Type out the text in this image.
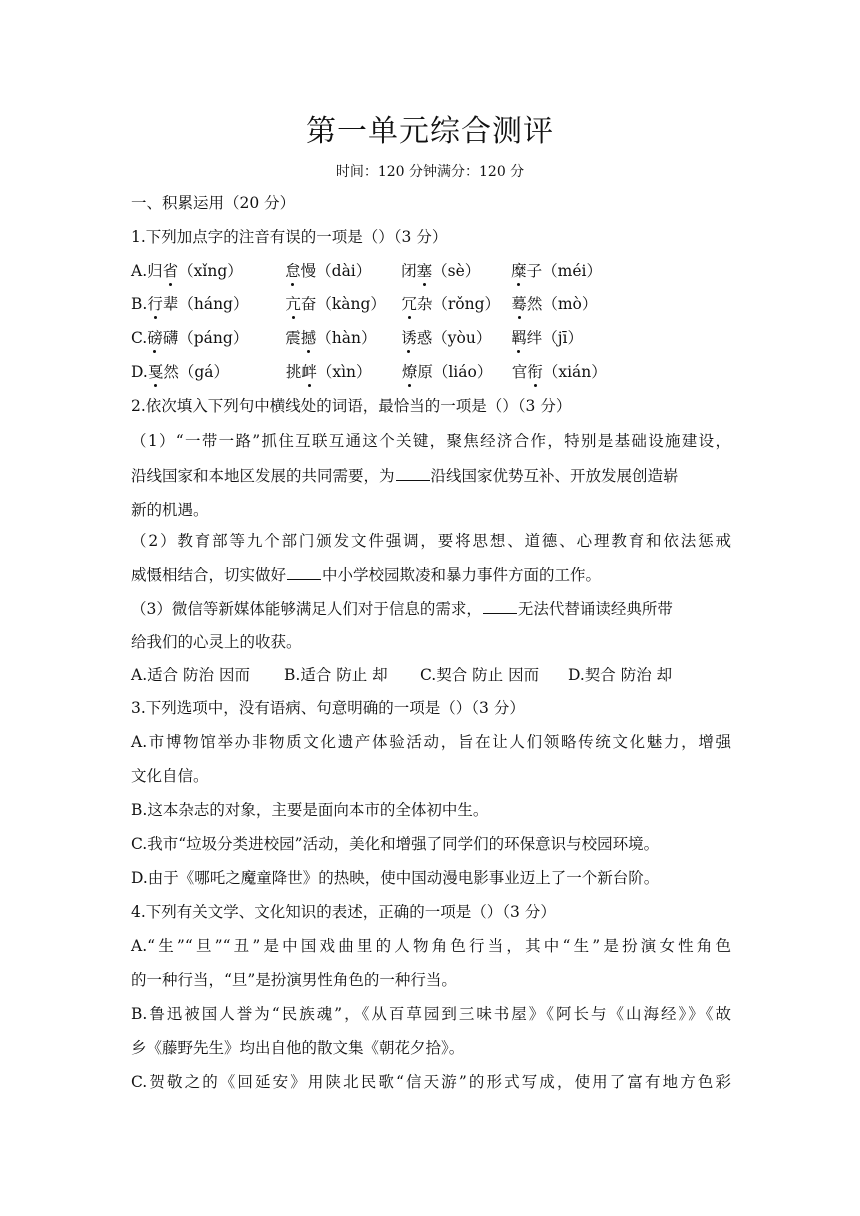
第一单元综合测评
时间：120 分钟满分：120 分
一、积累运用（20 分）
1.下列加点字的注音有误的一项是（）（3 分）
A.归省（xǐng）	怠慢（dài） 闭塞（sè） 糜子（méi）
B.行辈（háng） 亢奋（kàng） 冗杂（rǒng） 蓦然（mò）
C.磅礴（páng） 震撼（hàn） 诱惑（yòu） 羁绊（jī）
D.戛然（gá）	挑衅（xìn） 燎原（liáo） 官衔（xián）
2.依次填入下列句中横线处的词语，最恰当的一项是（）（3 分）
（1）“一带一路”抓住互联互通这个关键，聚焦经济合作，特别是基础设施建设，
沿线国家和本地区发展的共同需要，为 沿线国家优势互补、开放发展创造崭
新的机遇。
（2）教育部等九个部门颁发文件强调，要将思想、道德、心理教育和依法惩戒
威慑相结合，切实做好 中小学校园欺凌和暴力事件方面的工作。
（3）微信等新媒体能够满足人们对于信息的需求， 无法代替诵读经典所带
给我们的心灵上的收获。
A.适合 防治 因而 B.适合 防止 却 C.契合 防止 因而 D.契合 防治 却
3.下列选项中，没有语病、句意明确的一项是（）（3 分）
A.市博物馆举办非物质文化遗产体验活动，旨在让人们领略传统文化魅力，增强
文化自信。
B.这本杂志的对象，主要是面向本市的全体初中生。
C.我市“垃圾分类进校园”活动，美化和增强了同学们的环保意识与校园环境。
D.由于《哪吒之魔童降世》的热映，使中国动漫电影事业迈上了一个新台阶。
4.下列有关文学、文化知识的表述，正确的一项是（）（3 分）
A.“生”“旦”“丑”是中国戏曲里的人物角色行当，其中“生”是扮演女性角色
的一种行当，“旦”是扮演男性角色的一种行当。
B.鲁迅被国人誉为“民族魂”，《从百草园到三味书屋》《阿长与《山海经》》《故
乡《藤野先生》均出自他的散文集《朝花夕拾》。
C.贺敬之的《回延安》用陕北民歌“信天游”的形式写成，使用了富有地方色彩
